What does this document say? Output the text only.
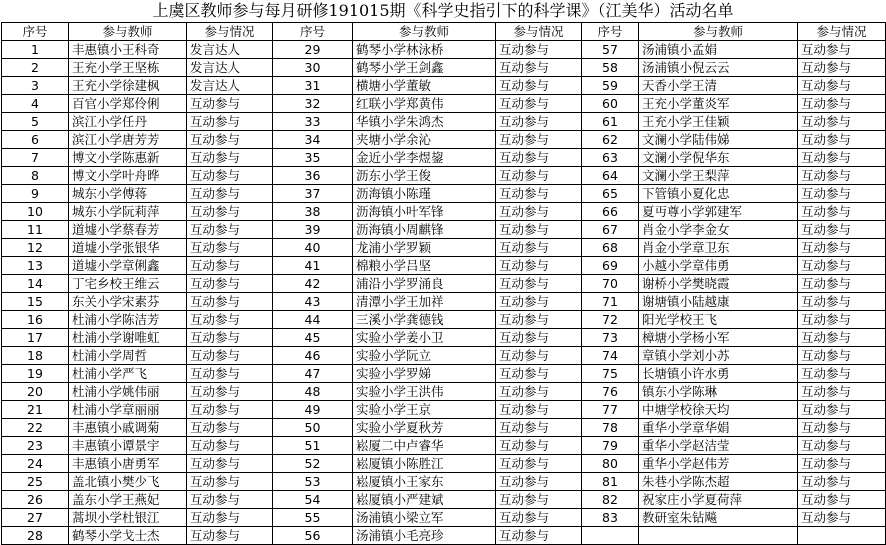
上虞区教师参与每月研修191015期《科学史指引下的科学课》（江美华）活动名单
序号	参与教师	参与情况	序号	参与教师	参与情况	序号	参与教师	参与情况
1	丰惠镇小王科奇	发言达人	29	鹤琴小学林泳桥	互动参与	57	汤浦镇小孟娟	互动参与
2	王充小学王坚栋	发言达人	30	鹤琴小学王剑鑫	互动参与	58	汤浦镇小倪云云	互动参与
3	王充小学徐建枫	发言达人	31	横塘小学董敏	互动参与	59	天香小学王清	互动参与
4	百官小学郑伶俐	互动参与	32	红联小学郑黄伟	互动参与	60	王充小学董炎军	互动参与
5	滨江小学任丹	互动参与	33	华镇小学朱鸿杰	互动参与	61	王充小学王佳颖	互动参与
6	滨江小学唐芳芳	互动参与	34	夹塘小学余沁	互动参与	62	文澜小学陆伟娣	互动参与
7	博文小学陈惠新	互动参与	35	金近小学李煜鋆	互动参与	63	文澜小学倪华东	互动参与
8	博文小学叶舟晔	互动参与	36	沥东小学王俊	互动参与	64	文澜小学王梨萍	互动参与
9	城东小学傅蒋	互动参与	37	沥海镇小陈瑾	互动参与	65	下管镇小夏化忠	互动参与
10	城东小学阮莉萍	互动参与	38	沥海镇小叶军锋	互动参与	66	夏丏尊小学郭建军	互动参与
11	道墟小学蔡春芳	互动参与	39	沥海镇小周麒锋	互动参与	67	肖金小学李金女	互动参与
12	道墟小学张银华	互动参与	40	龙浦小学罗颖	互动参与	68	肖金小学章卫东	互动参与
13	道墟小学章俐鑫	互动参与	41	棉粮小学吕坚	互动参与	69	小越小学章伟勇	互动参与
14	丁宅乡校王维云	互动参与	42	浦沿小学罗涌良	互动参与	70	谢桥小学樊晓霞	互动参与
15	东关小学宋素芬	互动参与	43	清潭小学王加祥	互动参与	71	谢塘镇小陆越康	互动参与
16	杜浦小学陈洁芳	互动参与	44	三溪小学龚德钱	互动参与	72	阳光学校王飞	互动参与
17	杜浦小学谢唯虹	互动参与	45	实验小学姜小卫	互动参与	73	樟塘小学杨小军	互动参与
18	杜浦小学周哲	互动参与	46	实验小学阮立	互动参与	74	章镇小学刘小苏	互动参与
19	杜浦小学严飞	互动参与	47	实验小学罗娣	互动参与	75	长塘镇小许水勇	互动参与
20	杜浦小学姚伟丽	互动参与	48	实验小学王洪伟	互动参与	76	镇东小学陈琳	互动参与
21	杜浦小学章丽丽	互动参与	49	实验小学王京	互动参与	77	中塘学校徐天均	互动参与
22	丰惠镇小戚调菊	互动参与	50	实验小学夏秋芳	互动参与	78	重华小学章华娟	互动参与
23	丰惠镇小谭景宇	互动参与	51	崧厦二中卢睿华	互动参与	79	重华小学赵洁莹	互动参与
24	丰惠镇小唐勇军	互动参与	52	崧厦镇小陈胜江	互动参与	80	重华小学赵伟芳	互动参与
25	盖北镇小樊少飞	互动参与	53	崧厦镇小王家东	互动参与	81	朱巷小学陈杰超	互动参与
26	盖东小学王燕妃	互动参与	54	崧厦镇小严建斌	互动参与	82	祝家庄小学夏荷萍	互动参与
27	蒿坝小学杜银江	互动参与	55	汤浦镇小梁立军	互动参与	83	教研室朱钻飚	互动参与
28	鹤琴小学戈士杰	互动参与	56	汤浦镇小毛亮珍	互动参与			
